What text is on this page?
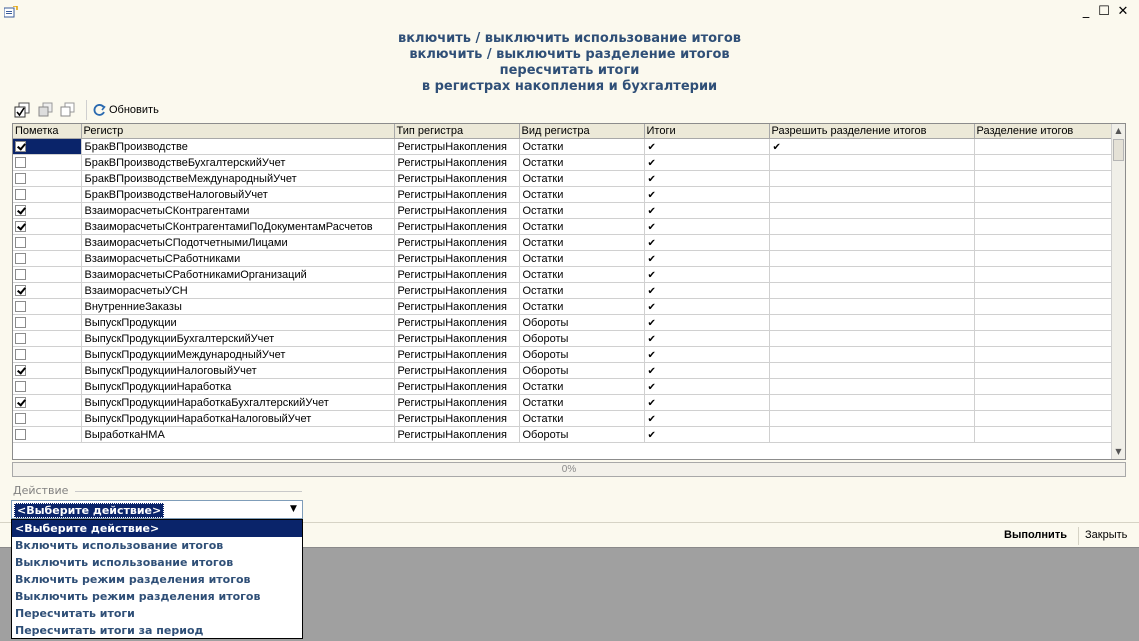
_ ☐ ✕
включить / выключить использование итогов
включить / выключить разделение итогов
пересчитать итоги
в регистрах накопления и бухгалтерии
Обновить
Пометка	Регистр	Тип регистра	Вид регистра	Итоги	Разрешить разделение итогов	Разделение итогов
	БракВПроизводстве	РегистрыНакопления	Остатки	✔	✔	
	БракВПроизводствеБухгалтерскийУчет	РегистрыНакопления	Остатки	✔		
	БракВПроизводствеМеждународныйУчет	РегистрыНакопления	Остатки	✔		
	БракВПроизводствеНалоговыйУчет	РегистрыНакопления	Остатки	✔		
	ВзаиморасчетыСКонтрагентами	РегистрыНакопления	Остатки	✔		
	ВзаиморасчетыСКонтрагентамиПоДокументамРасчетов	РегистрыНакопления	Остатки	✔		
	ВзаиморасчетыСПодотчетнымиЛицами	РегистрыНакопления	Остатки	✔		
	ВзаиморасчетыСРаботниками	РегистрыНакопления	Остатки	✔		
	ВзаиморасчетыСРаботникамиОрганизаций	РегистрыНакопления	Остатки	✔		
	ВзаиморасчетыУСН	РегистрыНакопления	Остатки	✔		
	ВнутренниеЗаказы	РегистрыНакопления	Остатки	✔		
	ВыпускПродукции	РегистрыНакопления	Обороты	✔		
	ВыпускПродукцииБухгалтерскийУчет	РегистрыНакопления	Обороты	✔		
	ВыпускПродукцииМеждународныйУчет	РегистрыНакопления	Обороты	✔		
	ВыпускПродукцииНалоговыйУчет	РегистрыНакопления	Обороты	✔		
	ВыпускПродукцииНаработка	РегистрыНакопления	Остатки	✔		
	ВыпускПродукцииНаработкаБухгалтерскийУчет	РегистрыНакопления	Остатки	✔		
	ВыпускПродукцииНаработкаНалоговыйУчет	РегистрыНакопления	Остатки	✔		
	ВыработкаНМА	РегистрыНакопления	Обороты	✔		
▲
▼
0%
Действие
Выполнить Закрыть
<Выберите действие>	▼
<Выберите действие>
Включить использование итогов
Выключить использование итогов
Включить режим разделения итогов
Выключить режим разделения итогов
Пересчитать итоги
Пересчитать итоги за период
